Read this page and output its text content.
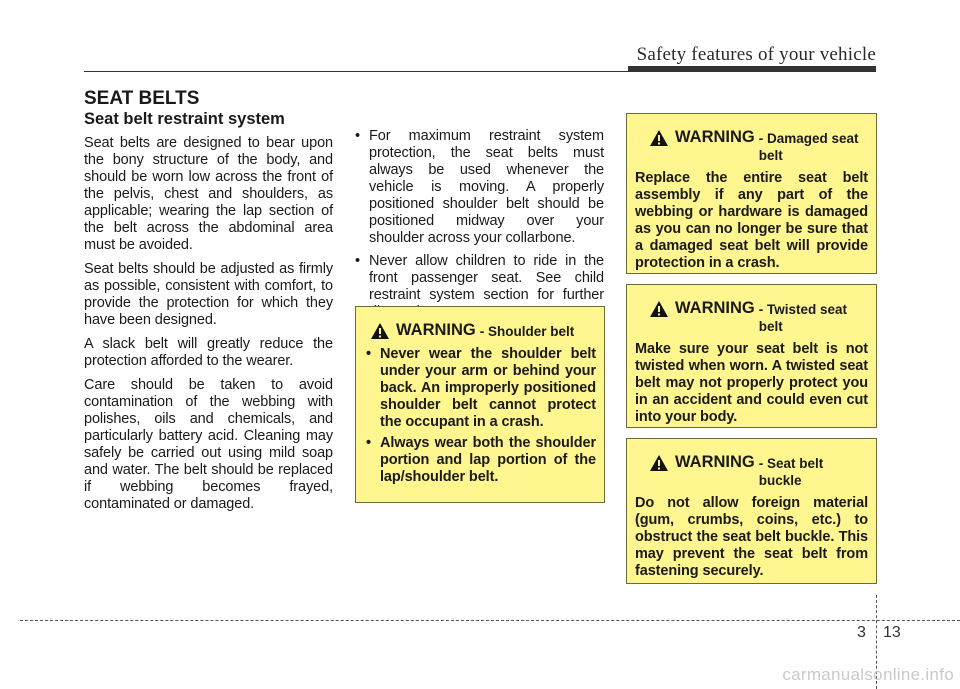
Safety features of your vehicle
SEAT BELTS
Seat belt restraint system

Seat belts are designed to bear upon the bony structure of the body, and should be worn low across the front of the pelvis, chest and shoulders, as applicable; wearing the lap section of the belt across the abdominal area must be avoided.

Seat belts should be adjusted as firmly as possible, consistent with comfort, to provide the protection for which they have been designed.

A slack belt will greatly reduce the protection afforded to the wearer.

Care should be taken to avoid contamination of the webbing with polishes, oils and chemicals, and particularly battery acid. Cleaning may safely be carried out using mild soap and water. The belt should be replaced if webbing becomes frayed, contaminated or damaged.

• For maximum restraint system protection, the seat belts must always be used whenever the vehicle is moving. A properly positioned shoulder belt should be positioned midway over your shoulder across your collarbone.
• Never allow children to ride in the front passenger seat. See child restraint system section for further
WARNING - Shoulder belt
• Never wear the shoulder belt under your arm or behind your back. An improperly positioned shoulder belt cannot protect the occupant in a crash.
• Always wear both the shoulder portion and lap portion of the lap/shoulder belt.
WARNING - Damaged seat belt

Replace the entire seat belt assembly if any part of the webbing or hardware is damaged as you can no longer be sure that a damaged seat belt will provide protection in a crash.

WARNING - Twisted seat belt

Make sure your seat belt is not twisted when worn. A twisted seat belt may not properly protect you in an accident and could even cut into your body.

WARNING - Seat belt buckle

Do not allow foreign material (gum, crumbs, coins, etc.) to obstruct the seat belt buckle. This may prevent the seat belt from fastening securely.

3 13
carmanualsonline.info
